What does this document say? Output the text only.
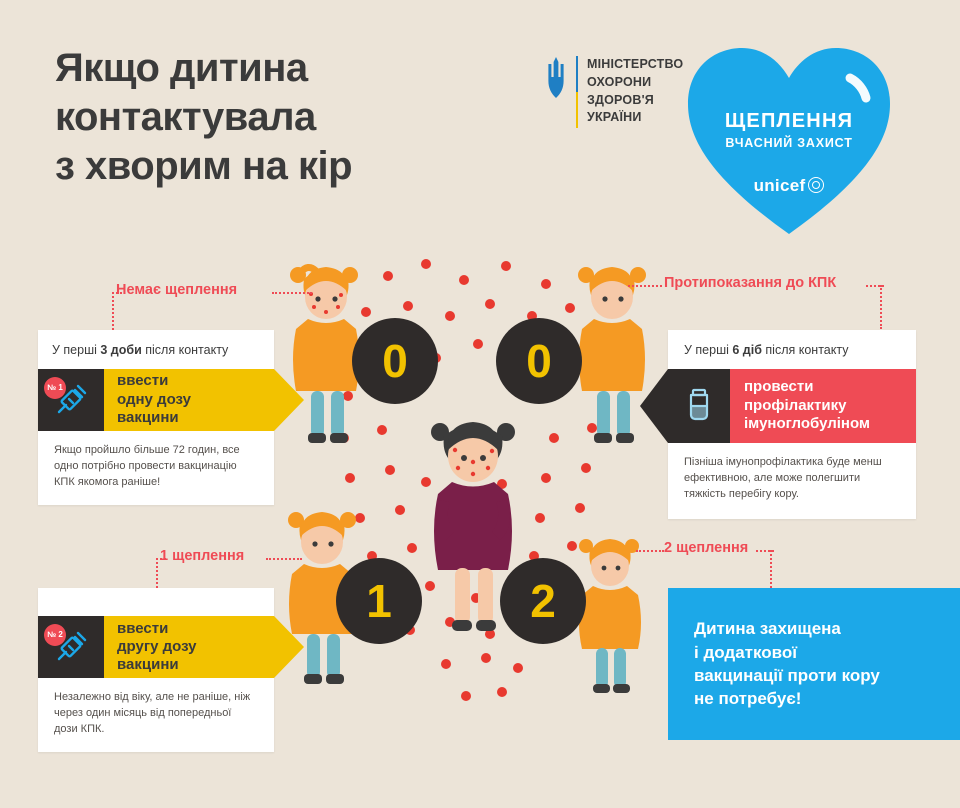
Якщо дитина
контактувала
з хворим на кір
МІНІСТЕРСТВО
ОХОРОНИ
ЗДОРОВ'Я
УКРАЇНИ	ЩЕПЛЕННЯ
ВЧАСНИЙ ЗАХИСТ
unicef
0	0
1	2
Немає щеплення	Протипоказання до КПК
1 щеплення	2 щеплення
У перші 3 доби після контакту
№ 1	ввести
одну дозу
вакцини
Якщо пройшло більше 72 годин, все одно потрібно провести вакцинацію КПК якомога раніше!
№ 2	ввести
другу дозу
вакцини
Незалежно від віку, але не раніше, ніж через один місяць від попередньої дози КПК.
У перші 6 діб після контакту
провести
профілактику
імуноглобуліном
Пізніша імунопрофілактика буде менш ефективною, але може полегшити тяжкість перебігу кору.
Дитина захищена
і додаткової
вакцинації проти кору
не потребує!
